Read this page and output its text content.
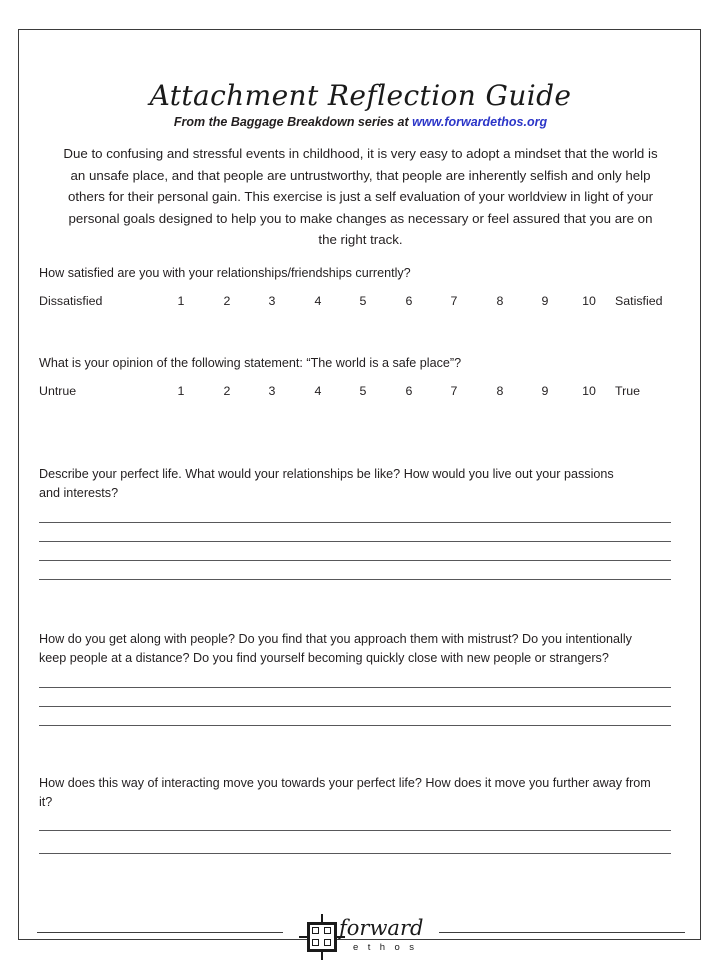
Attachment Reflection Guide
From the Baggage Breakdown series at www.forwardethos.org
Due to confusing and stressful events in childhood, it is very easy to adopt a mindset that the world is an unsafe place, and that people are untrustworthy, that people are inherently selfish and only help others for their personal gain. This exercise is just a self evaluation of your worldview in light of your personal goals designed to help you to make changes as necessary or feel assured that you are on the right track.
How satisfied are you with your relationships/friendships currently?
Dissatisfied	1	2	3	4	5	6	7	8	9	10 Satisfied
What is your opinion of the following statement: “The world is a safe place”?
Untrue	1	2	3	4	5	6	7	8	9	10 True
Describe your perfect life. What would your relationships be like? How would you live out your passions and interests?
How do you get along with people? Do you find that you approach them with mistrust? Do you intentionally keep people at a distance? Do you find yourself becoming quickly close with new people or strangers?
How does this way of interacting move you towards your perfect life? How does it move you further away from it?
forward
e t h o s
